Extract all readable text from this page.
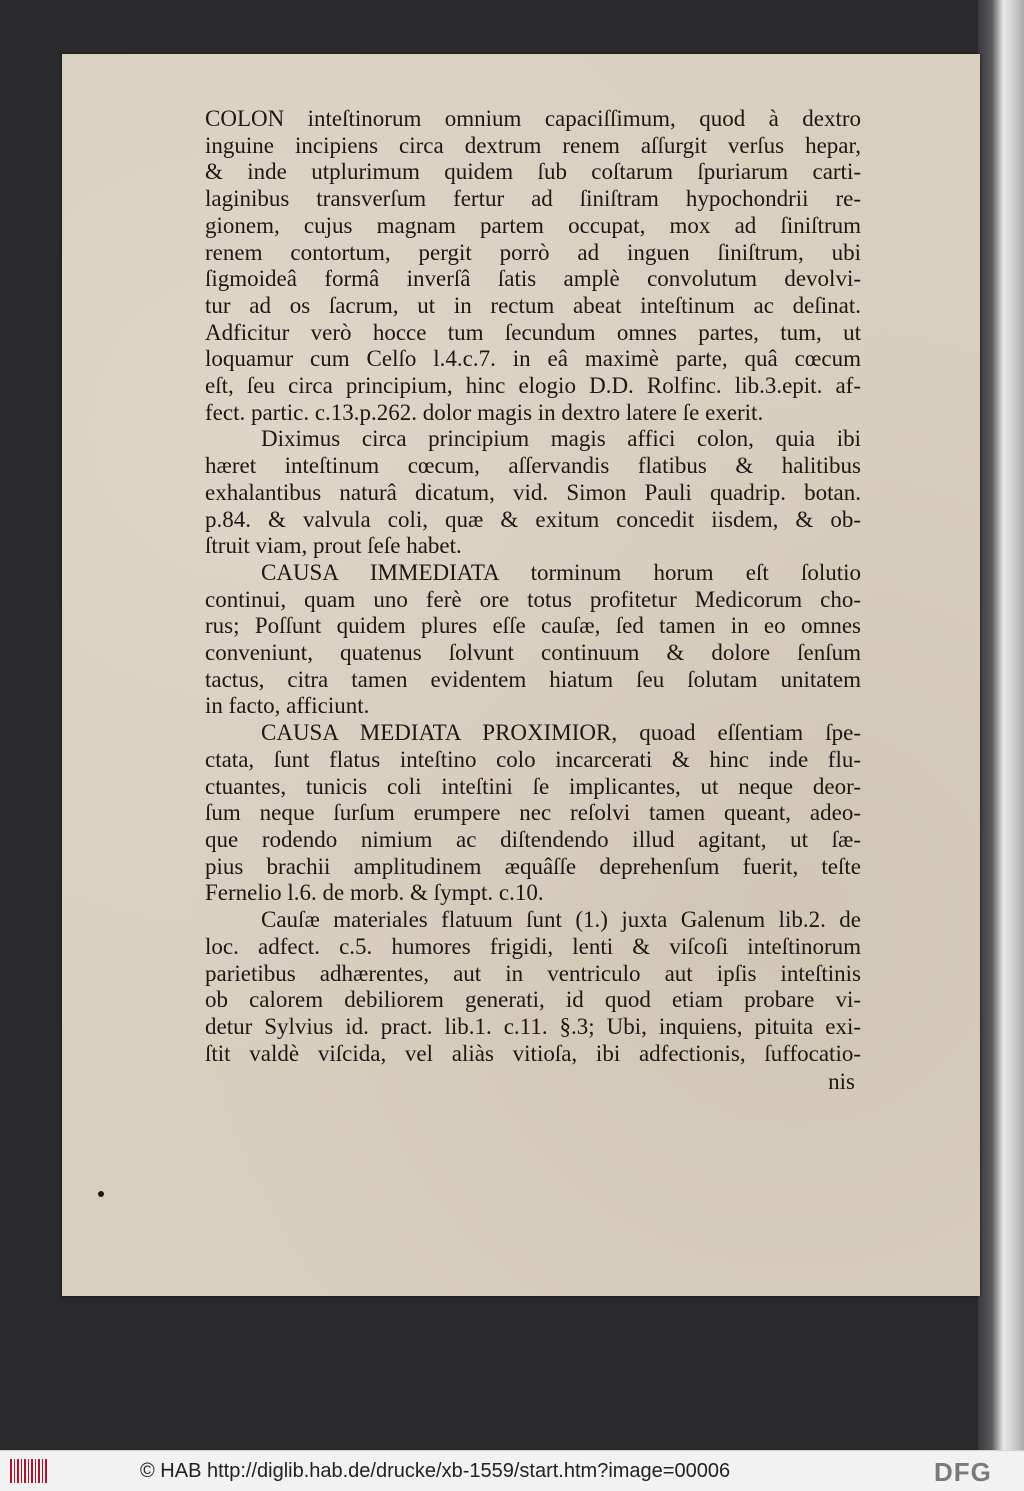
COLON inteſtinorum omnium capaciſſimum, quod à dextro
inguine incipiens circa dextrum renem aſſurgit verſus hepar,
& inde utplurimum quidem ſub coſtarum ſpuriarum carti-
laginibus transverſum fertur ad ſiniſtram hypochondrii re-
gionem, cujus magnam partem occupat, mox ad ſiniſtrum
renem contortum, pergit porrò ad inguen ſiniſtrum, ubi
ſigmoideâ formâ inverſâ ſatis amplè convolutum devolvi-
tur ad os ſacrum, ut in rectum abeat inteſtinum ac deſinat.
Adficitur verò hocce tum ſecundum omnes partes, tum, ut
loquamur cum Celſo l.4.c.7. in eâ maximè parte, quâ cœcum
eſt, ſeu circa principium, hinc elogio D.D. Rolfinc. lib.3.epit. af-
fect. partic. c.13.p.262. dolor magis in dextro latere ſe exerit.
Diximus circa principium magis affici colon, quia ibi
hæret inteſtinum cœcum, aſſervandis flatibus & halitibus
exhalantibus naturâ dicatum, vid. Simon Pauli quadrip. botan.
p.84. & valvula coli, quæ & exitum concedit iisdem, & ob-
ſtruit viam, prout ſeſe habet.
CAUSA IMMEDIATA torminum horum eſt ſolutio
continui, quam uno ferè ore totus profitetur Medicorum cho-
rus; Poſſunt quidem plures eſſe cauſæ, ſed tamen in eo omnes
conveniunt, quatenus ſolvunt continuum & dolore ſenſum
tactus, citra tamen evidentem hiatum ſeu ſolutam unitatem
in facto, afficiunt.
CAUSA MEDIATA PROXIMIOR, quoad eſſentiam ſpe-
ctata, ſunt flatus inteſtino colo incarcerati & hinc inde flu-
ctuantes, tunicis coli inteſtini ſe implicantes, ut neque deor-
ſum neque ſurſum erumpere nec reſolvi tamen queant, adeo-
que rodendo nimium ac diſtendendo illud agitant, ut ſæ-
pius brachii amplitudinem æquâſſe deprehenſum fuerit, teſte
Fernelio l.6. de morb. & ſympt. c.10.
Cauſæ materiales flatuum ſunt (1.) juxta Galenum lib.2. de
loc. adfect. c.5. humores frigidi, lenti & viſcoſi inteſtinorum
parietibus adhærentes, aut in ventriculo aut ipſis inteſtinis
ob calorem debiliorem generati, id quod etiam probare vi-
detur Sylvius id. pract. lib.1. c.11. §.3; Ubi, inquiens, pituita exi-
ſtit valdè viſcida, vel aliàs vitioſa, ibi adfectionis, ſuffocatio-
nis
© HAB http://diglib.hab.de/drucke/xb-1559/start.htm?image=00006	DFG
